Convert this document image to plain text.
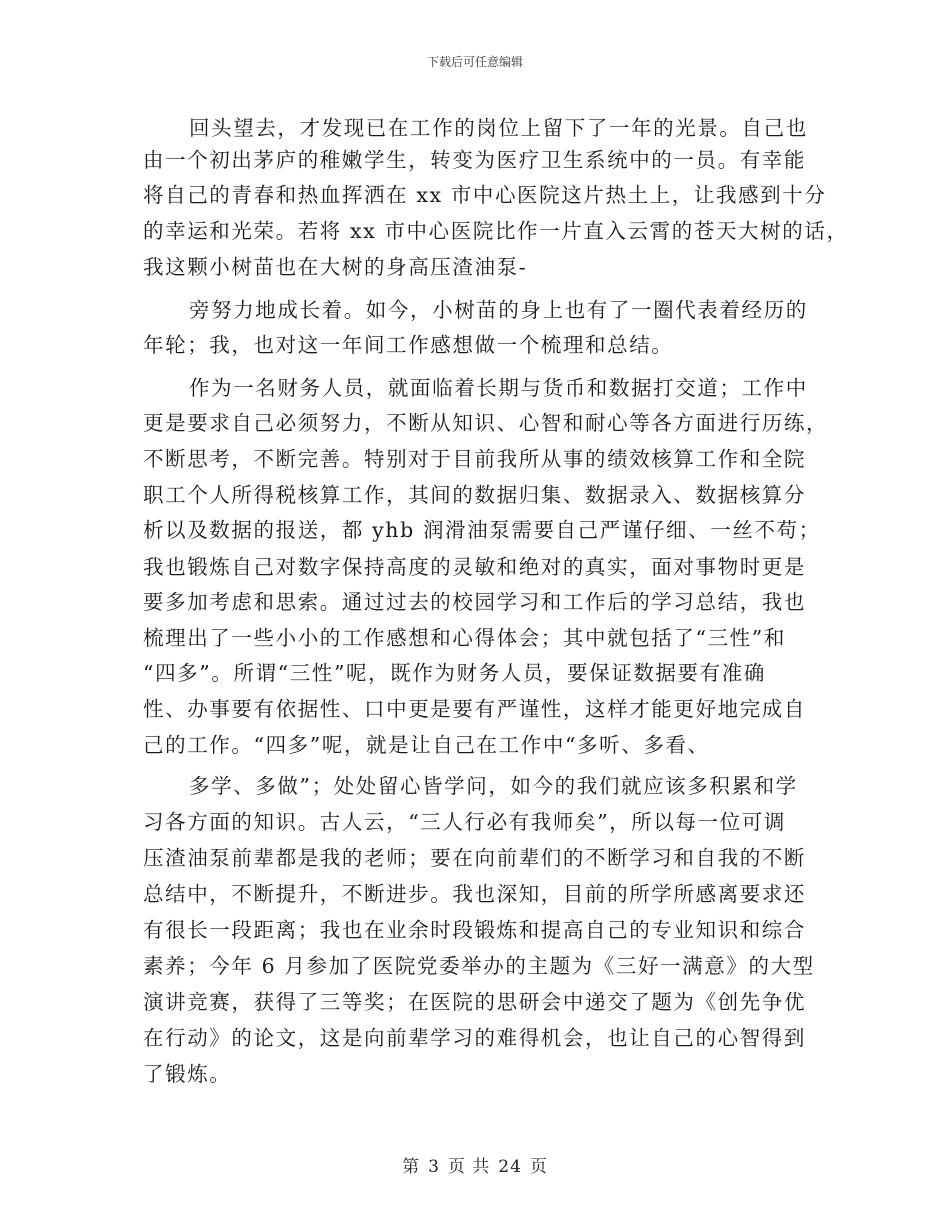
下载后可任意编辑
回头望去，才发现已在工作的岗位上留下了一年的光景。自己也
由一个初出茅庐的稚嫩学生，转变为医疗卫生系统中的一员。有幸能
将自己的青春和热血挥洒在 xx 市中心医院这片热土上，让我感到十分
的幸运和光荣。若将 xx 市中心医院比作一片直入云霄的苍天大树的话，
我这颗小树苗也在大树的身高压渣油泵-
旁努力地成长着。如今，小树苗的身上也有了一圈代表着经历的
年轮；我，也对这一年间工作感想做一个梳理和总结。
作为一名财务人员，就面临着长期与货币和数据打交道；工作中
更是要求自己必须努力，不断从知识、心智和耐心等各方面进行历练，
不断思考，不断完善。特别对于目前我所从事的绩效核算工作和全院
职工个人所得税核算工作，其间的数据归集、数据录入、数据核算分
析以及数据的报送，都 yhb 润滑油泵需要自己严谨仔细、一丝不苟；
我也锻炼自己对数字保持高度的灵敏和绝对的真实，面对事物时更是
要多加考虑和思索。通过过去的校园学习和工作后的学习总结，我也
梳理出了一些小小的工作感想和心得体会；其中就包括了“三性”和
“四多”。所谓“三性”呢，既作为财务人员，要保证数据要有准确
性、办事要有依据性、口中更是要有严谨性，这样才能更好地完成自
己的工作。“四多”呢，就是让自己在工作中“多听、多看、
多学、多做”；处处留心皆学问，如今的我们就应该多积累和学
习各方面的知识。古人云，“三人行必有我师矣”，所以每一位可调
压渣油泵前辈都是我的老师；要在向前辈们的不断学习和自我的不断
总结中，不断提升，不断进步。我也深知，目前的所学所感离要求还
有很长一段距离；我也在业余时段锻炼和提高自己的专业知识和综合
素养；今年 6 月参加了医院党委举办的主题为《三好一满意》的大型
演讲竞赛，获得了三等奖；在医院的思研会中递交了题为《创先争优
在行动》的论文，这是向前辈学习的难得机会，也让自己的心智得到
了锻炼。
第 3 页 共 24 页
